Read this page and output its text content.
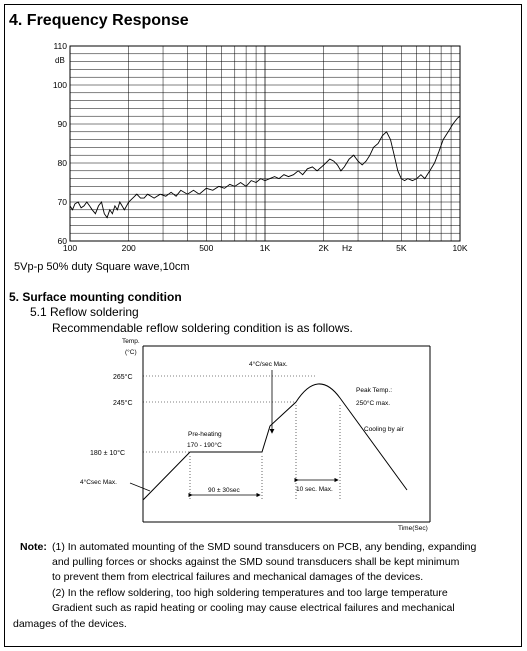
4. Frequency Response
100	200	500	1K	2K	5K	10K
60
70
80
90
100
110
dB
Hz
5Vp-p 50% duty Square wave,10cm
5. Surface mounting condition
5.1 Reflow soldering
Recommendable reflow soldering condition is as follows.
Temp.
(°C)
Time(Sec)
265°C
245°C
180 ± 10°C
4°Csec Max.
4°C/sec Max.
Pre-heating
170 - 190°C
90 ± 30sec	10 sec. Max.
Peak Temp.:
250°C max.
Cooling by air
Note: (1) In automated mounting of the SMD sound transducers on PCB, any bending, expanding
and pulling forces or shocks against the SMD sound transducers shall be kept minimum
to prevent them from electrical failures and mechanical damages of the devices.
(2) In the reflow soldering, too high soldering temperatures and too large temperature
Gradient such as rapid heating or cooling may cause electrical failures and mechanical
damages of the devices.
